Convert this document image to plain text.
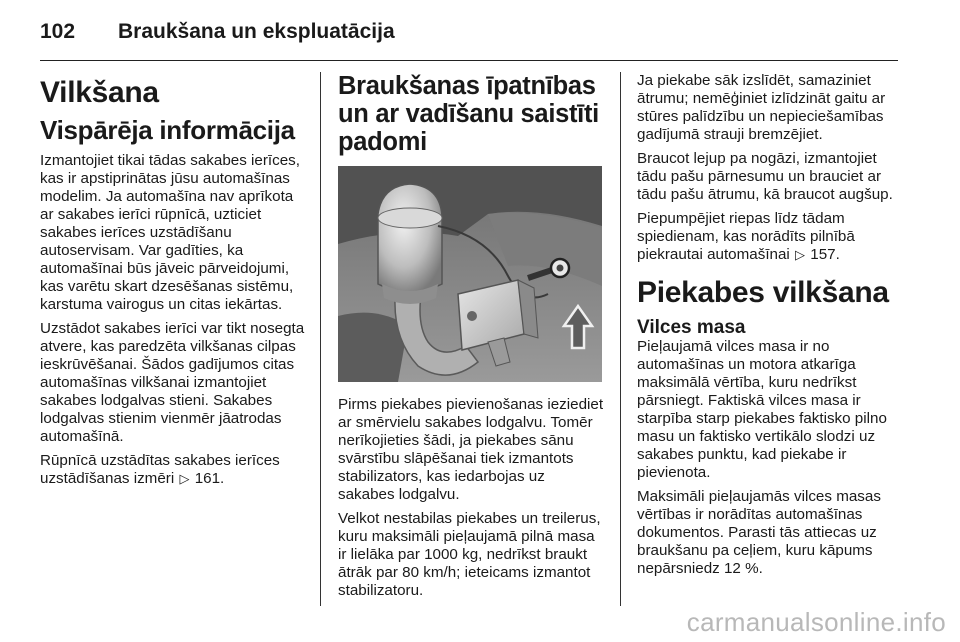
102 Braukšana un ekspluatācija
Vilkšana
Vispārēja informācija

Izmantojiet tikai tādas sakabes ierīces, kas ir apstiprinātas jūsu automašīnas modelim. Ja automašīna nav aprīkota ar sakabes ierīci rūpnīcā, uzticiet sakabes ierīces uzstādīšanu autoservisam. Var gadīties, ka automašīnai būs jāveic pārveidojumi, kas varētu skart dzesēšanas sistēmu, karstuma vairogus un citas iekārtas.

Uzstādot sakabes ierīci var tikt nosegta atvere, kas paredzēta vilkšanas cilpas ieskrūvēšanai. Šādos gadījumos citas automašīnas vilkšanai izmantojiet sakabes lodgalvas stieni. Sakabes lodgalvas stienim vienmēr jāatrodas automašīnā.

Rūpnīcā uzstādītas sakabes ierīces uzstādīšanas izmēri ▷ 161.

Braukšanas īpatnības un ar vadīšanu saistīti padomi

Pirms piekabes pievienošanas ieziediet ar smērvielu sakabes lodgalvu. Tomēr nerīkojieties šādi, ja piekabes sānu svārstību slāpēšanai tiek izmantots stabilizators, kas iedarbojas uz sakabes lodgalvu.

Velkot nestabilas piekabes un treilerus, kuru maksimāli pieļaujamā pilnā masa ir lielāka par 1000 kg, nedrīkst braukt ātrāk par 80 km/h; ieteicams izmantot stabilizatoru.

Ja piekabe sāk izslīdēt, samaziniet ātrumu; nemēģiniet izlīdzināt gaitu ar stūres palīdzību un nepieciešamības gadījumā strauji bremzējiet.

Braucot lejup pa nogāzi, izmantojiet tādu pašu pārnesumu un brauciet ar tādu pašu ātrumu, kā braucot augšup.

Piepumpējiet riepas līdz tādam spiedienam, kas norādīts pilnībā piekrautai automašīnai ▷ 157.

Piekabes vilkšana
Vilces masa

Pieļaujamā vilces masa ir no automašīnas un motora atkarīga maksimālā vērtība, kuru nedrīkst pārsniegt. Faktiskā vilces masa ir starpība starp piekabes faktisko pilno masu un faktisko vertikālo slodzi uz sakabes punktu, kad piekabe ir pievienota.

Maksimāli pieļaujamās vilces masas vērtības ir norādītas automašīnas dokumentos. Parasti tās attiecas uz braukšanu pa ceļiem, kuru kāpums nepārsniedz 12 %.

carmanualsonline.info
